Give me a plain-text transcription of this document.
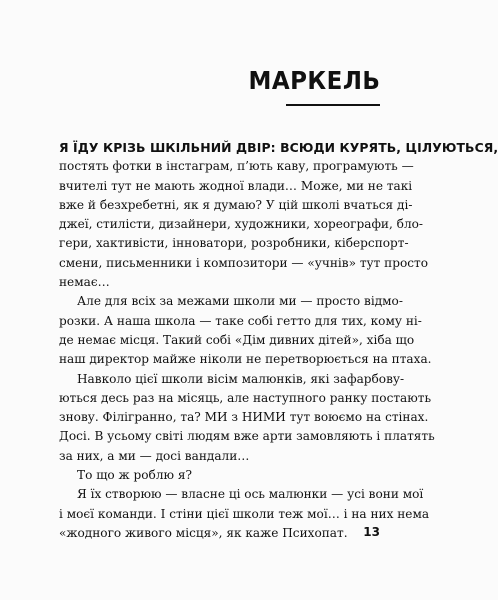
МАРКЕЛЬ
Я ЇДУ КРІЗЬ ШКІЛЬНИЙ ДВІР: ВСЮДИ КУРЯТЬ, ЦІЛУЮТЬСЯ,
постять фотки в інстаграм, п’ють каву, програмують —
вчителі тут не мають жодної влади… Може, ми не такі
вже й безхребетні, як я думаю? У цій школі вчаться ді-
джеї, стилісти, дизайнери, художники, хореографи, бло-
гери, хактивісти, інноватори, розробники, кіберспорт-
смени, письменники і композитори — «учнів» тут просто
немає…
Але для всіх за межами школи ми — просто відмо-
розки. А наша школа — таке собі гетто для тих, кому ні-
де немає місця. Такий собі «Дім дивних дітей», хіба що
наш директор майже ніколи не перетворюється на птаха.
Навколо цієї школи вісім малюнків, які зафарбову-
ються десь раз на місяць, але наступного ранку постають
знову. Філігранно, та? МИ з НИМИ тут воюємо на стінах.
Досі. В усьому світі людям вже арти замовляють і платять
за них, а ми — досі вандали…
То що ж роблю я?
Я їх створюю — власне ці ось малюнки — усі вони мої
і моєї команди. І стіни цієї школи теж мої… і на них нема
«жодного живого місця», як каже Психопат.	13
